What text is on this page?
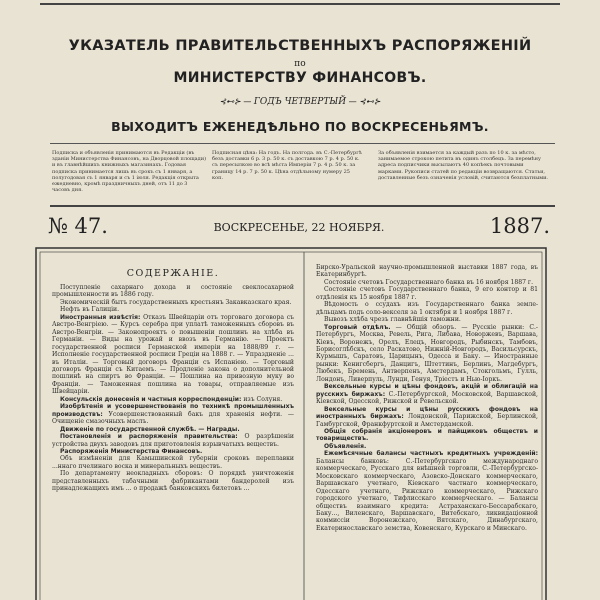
УКАЗАТЕЛЬ ПРАВИТЕЛЬСТВЕННЫХЪ РАСПОРЯЖЕНІЙ
по
МИНИСТЕРСТВУ ФИНАНСОВЪ.
⊰⊷⊱ — ГОДЪ ЧЕТВЕРТЫЙ — ⊰⊷⊱
ВЫХОДИТЪ ЕЖЕНЕДѢЛЬНО ПО ВОСКРЕСЕНЬЯМЪ.
Подписка и объявленія принимаются въ Редакціи (въ зданіи Министерства Финансовъ, на Дворцовой площади) и въ главнѣйшихъ книжныхъ магазинахъ. Годовая подписка принимается лишь въ срокъ съ 1 января, а полугодовая съ 1 января и съ 1 іюля. Редакція открыта ежедневно, кромѣ праздничныхъ дней, отъ 11 до 3 часовъ дня.
Подписная цѣна: На годъ. На полгода. въ С.-Петербургѣ безъ доставки 6 р. 3 р. 50 к. съ доставкою 7 р. 4 р. 50 к. съ пересылкою во всѣ мѣста Имперіи 7 р. 4 р. 50 к. за границу 14 р. 7 р. 50 к. Цѣна отдѣльному нумеру 25 коп.
За объявленія взимается за каждый разъ по 10 к. за мѣсто, занимаемое строкою петита въ одинъ столбецъ. За перемѣну адреса подписчики высылаютъ 40 копѣекъ почтовыми марками. Рукописи статей по редакціи возвращаются. Статьи, доставленные безъ означенія условій, считаются безплатными.
№ 47.	ВОСКРЕСЕНЬЕ, 22 НОЯБРЯ.	1887.
СОДЕРЖАНІЕ.

Поступленіе сахарнаго дохода и состояніе свеклосахарной промышленности въ 1886 году.

Экономическій бытъ государственныхъ крестьянъ Закавказскаго края.

Нефть въ Галиціи.

Иностранныя извѣстія: Отказъ Швейцаріи отъ торговаго договора съ Австро-Венгріею. — Курсъ серебра при уплатѣ таможенныхъ сборовъ въ Австро-Венгріи. — Законопроектъ о повышеніи пошлинъ на хлѣба въ Германіи. — Виды на урожай и ввозъ въ Германію. — Проектъ государственной росписи Германской имперіи на 1888/89 г. — Исполненіе государственной росписи Греціи на 1888 г. — Упраздненіе ... въ Италіи. — Торговый договоръ Франціи съ Испаніею. — Торговый договоръ Франціи съ Китаемъ. — Продленіе закона о дополнительной пошлинѣ на спиртъ во Франціи. — Пошлина на привозную муку во Франціи. — Таможенная пошлина на товары, отправляемые изъ Швейцаріи.

Консульскія донесенія и частныя корреспонденціи: изъ Солуня.

Изобрѣтенія и усовершенствованія по техникѣ промышленныхъ производствъ: Усовершенствованный бакъ для храненія нефти. — Очищеніе смазочныхъ маслъ.

Движеніе по государственной службѣ. — Награды.

Постановленія и распоряженія правительства: О разрѣшеніи устройства двухъ заводовъ для приготовленія взрывчатыхъ веществъ.

Распоряженія Министерства Финансовъ.

Объ измѣненіи для Камышинской губерніи сроковъ переплавки ...ннаго пчелинаго воска и минеральныхъ веществъ.

По департаменту неокладныхъ сборовъ: О порядкѣ уничтоженія представленныхъ табачными фабрикантами бандеролей изъ принадлежащихъ имъ ... о продажѣ банковскихъ билетовъ ...

Бирско-Уральской научно-промышленной выставки 1887 года, въ Екатеринбургѣ.

Состояніе счетовъ Государственнаго банка въ 16 ноября 1887 г.

Состояніе счетовъ Государственнаго банка, 9 его контор и 81 отдѣленія къ 15 ноября 1887 г.

Вѣдомость о ссудахъ изъ Государственнаго банка земле-дѣльцамъ подъ соло-векселя за 1 октября и 1 ноября 1887 г.

Вывозъ хлѣба чрезъ главнѣйшія таможни.

Торговый отдѣлъ. — Общій обзоръ. — Русскіе рынки: С.-Петербургъ, Москва, Ревель, Рига, Либава, Новоржевъ, Варшава, Кіевъ, Воронежъ, Орелъ, Елецъ, Новгородъ, Рыбинскъ, Тамбовъ, Борисоглѣбскъ, село Раскатово, Нижній-Новгородъ, Васильсурскъ, Курмышъ, Саратовъ, Царицынъ, Одесса и Баку. — Иностранные рынки: Кенигсбергъ, Данцигъ, Штеттинъ, Берлинъ, Магдебургъ, Любекъ, Бремень, Антверпенъ, Амстердамъ, Стокгольмъ, Гулль, Лондонъ, Ливерпуль, Лунди, Генуя, Тріестъ и Нью-Іоркъ.

Вексельные курсы и цѣны фондовъ, акцій и облигацій на русскихъ биржахъ: С.-Петербургской, Московской, Варшавской, Кіевской, Одесской, Рижской и Ревельской.

Вексельные курсы и цѣны русскихъ фондовъ на иностранныхъ биржахъ: Лондонской, Парижской, Берлинской, Гамбургской, Франкфуртской и Амстердамской.

Общія собранія акціонеровъ и пайщиковъ обществъ и товариществъ.

Объявленія.

Ежемѣсячные балансы частныхъ кредитныхъ учрежденій: Балансы банковъ: С.-Петербургскаго международнаго коммерческаго, Русскаго для внѣшней торговли, С.-Петербургско-Московскаго коммерческаго, Азовско-Донскаго коммерческаго, Варшавскаго учетнаго, Кіевскаго частнаго коммерческаго, Одесскаго учетнаго, Рижскаго коммерческаго, Рижскаго городского учетнаго, Тифлисскаго коммерческаго. — Балансы обществъ взаимнаго кредита: Астраханскаго-Бессарабскаго, Баку..., Виленскаго, Варшавскаго, Витебскаго, ликвидаціонной коммиссіи Воронежскаго, Вятскаго, Динабургскаго, Екатеринославскаго земства, Ковенскаго, Курскаго и Минскаго.
